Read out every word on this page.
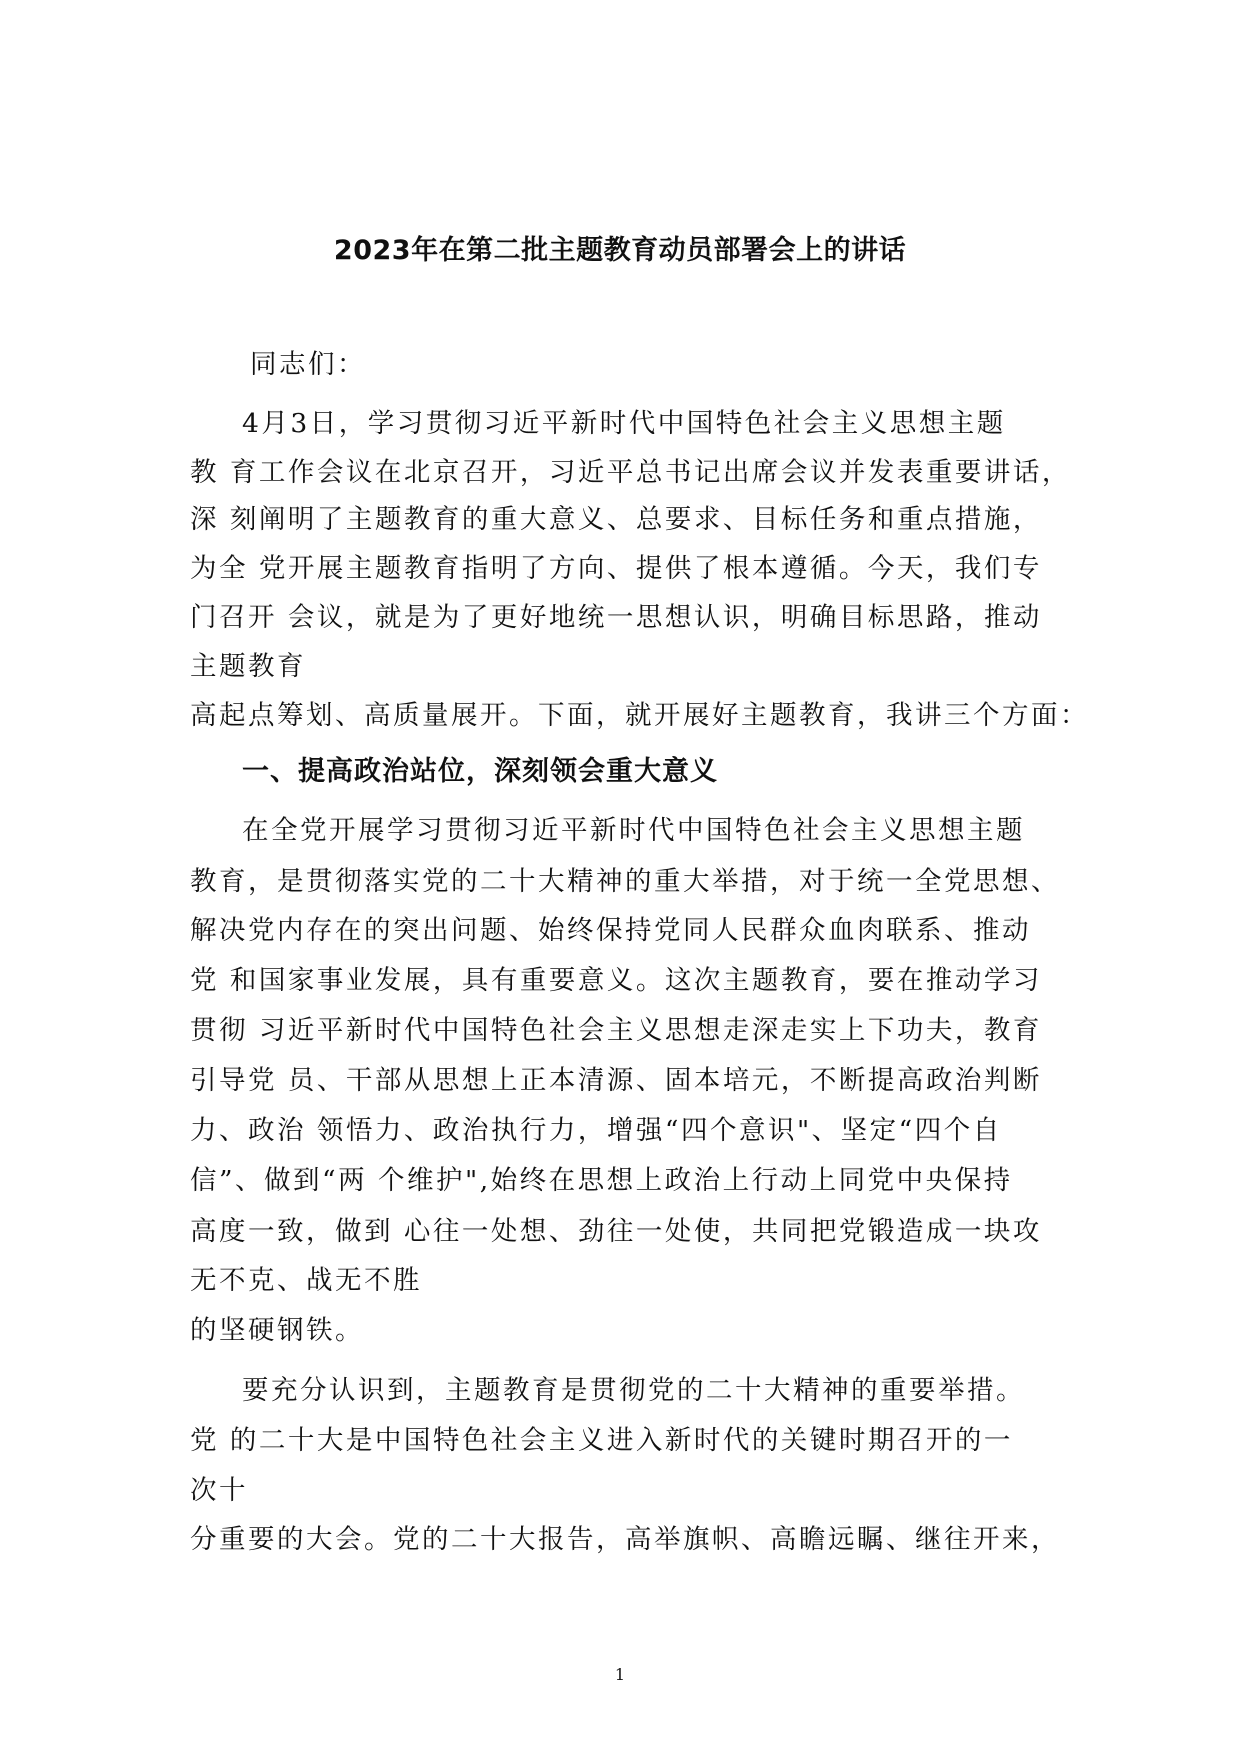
2023年在第二批主题教育动员部署会上的讲话
同志们：
4月3日，学习贯彻习近平新时代中国特色社会主义思想主题
教 育工作会议在北京召开，习近平总书记出席会议并发表重要讲话，
深 刻阐明了主题教育的重大意义、总要求、目标任务和重点措施，
为全 党开展主题教育指明了方向、提供了根本遵循。今天，我们专
门召开 会议，就是为了更好地统一思想认识，明确目标思路，推动
主题教育
高起点筹划、高质量展开。下面，就开展好主题教育，我讲三个方面：
一、提高政治站位，深刻领会重大意义
在全党开展学习贯彻习近平新时代中国特色社会主义思想主题
教育，是贯彻落实党的二十大精神的重大举措，对于统一全党思想、
解决党内存在的突出问题、始终保持党同人民群众血肉联系、推动
党 和国家事业发展，具有重要意义。这次主题教育，要在推动学习
贯彻 习近平新时代中国特色社会主义思想走深走实上下功夫，教育
引导党 员、干部从思想上正本清源、固本培元，不断提高政治判断
力、政治 领悟力、政治执行力，增强“四个意识"、坚定“四个自
信”、做到“两 个维护",始终在思想上政治上行动上同党中央保持
高度一致，做到 心往一处想、劲往一处使，共同把党锻造成一块攻
无不克、战无不胜
的坚硬钢铁。
要充分认识到，主题教育是贯彻党的二十大精神的重要举措。
党 的二十大是中国特色社会主义进入新时代的关键时期召开的一
次十
分重要的大会。党的二十大报告，高举旗帜、高瞻远瞩、继往开来，
1
